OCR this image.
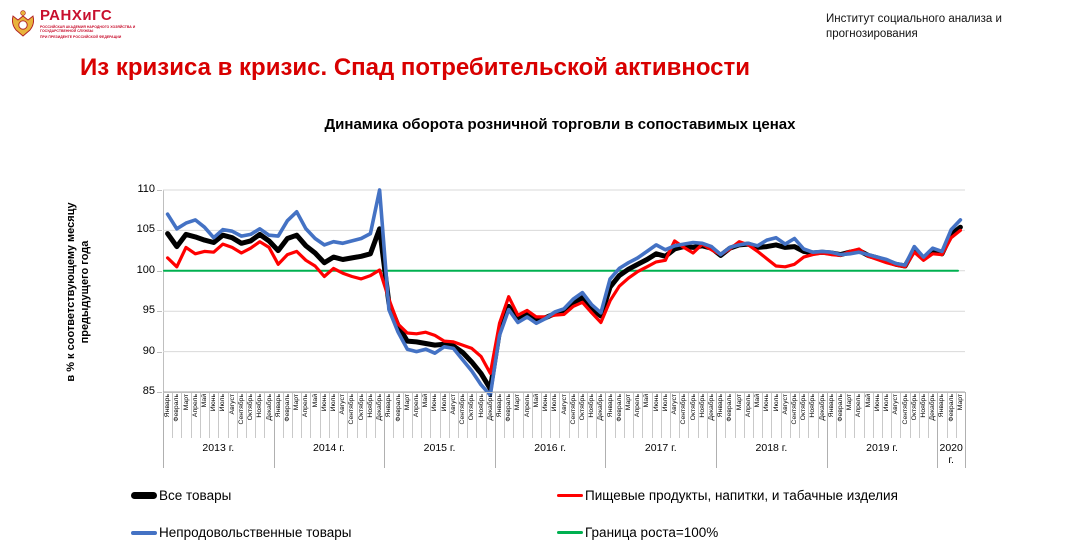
РАНХиГС
РОССИЙСКАЯ АКАДЕМИЯ НАРОДНОГО ХОЗЯЙСТВА И ГОСУДАРСТВЕННОЙ СЛУЖБЫ
ПРИ ПРЕЗИДЕНТЕ РОССИЙСКОЙ ФЕДЕРАЦИИ
Институт социального анализа и прогнозирования
Из кризиса в кризис. Спад потребительской активности
Динамика оборота розничной торговли в сопоставимых ценах
в % к соответствующему месяцу предыдущего года
85
90
95
100
105
110
Январь Февраль Март Апрель Май Июнь Июль Август Сентябрь Октябрь Ноябрь Декабрь
2013 г.
Январь Февраль Март Апрель Май Июнь Июль Август Сентябрь Октябрь Ноябрь Декабрь
2014 г.
Январь Февраль Март Апрель Май Июнь Июль Август Сентябрь Октябрь Ноябрь Декабрь
2015 г.
Январь Февраль Март Апрель Май Июнь Июль Август Сентябрь Октябрь Ноябрь Декабрь
2016 г.
Январь Февраль Март Апрель Май Июнь Июль Август Сентябрь Октябрь Ноябрь Декабрь
2017 г.
Январь Февраль Март Апрель Май Июнь Июль Август Сентябрь Октябрь Ноябрь Декабрь
2018 г.
Январь Февраль Март Апрель Май Июнь Июль Август Сентябрь Октябрь Ноябрь Декабрь
2019 г.
Январь Февраль Март
2020 г.
Все товары	Пищевые продукты, напитки, и табачные изделия
Непродовольственные товары	Граница роста=100%
